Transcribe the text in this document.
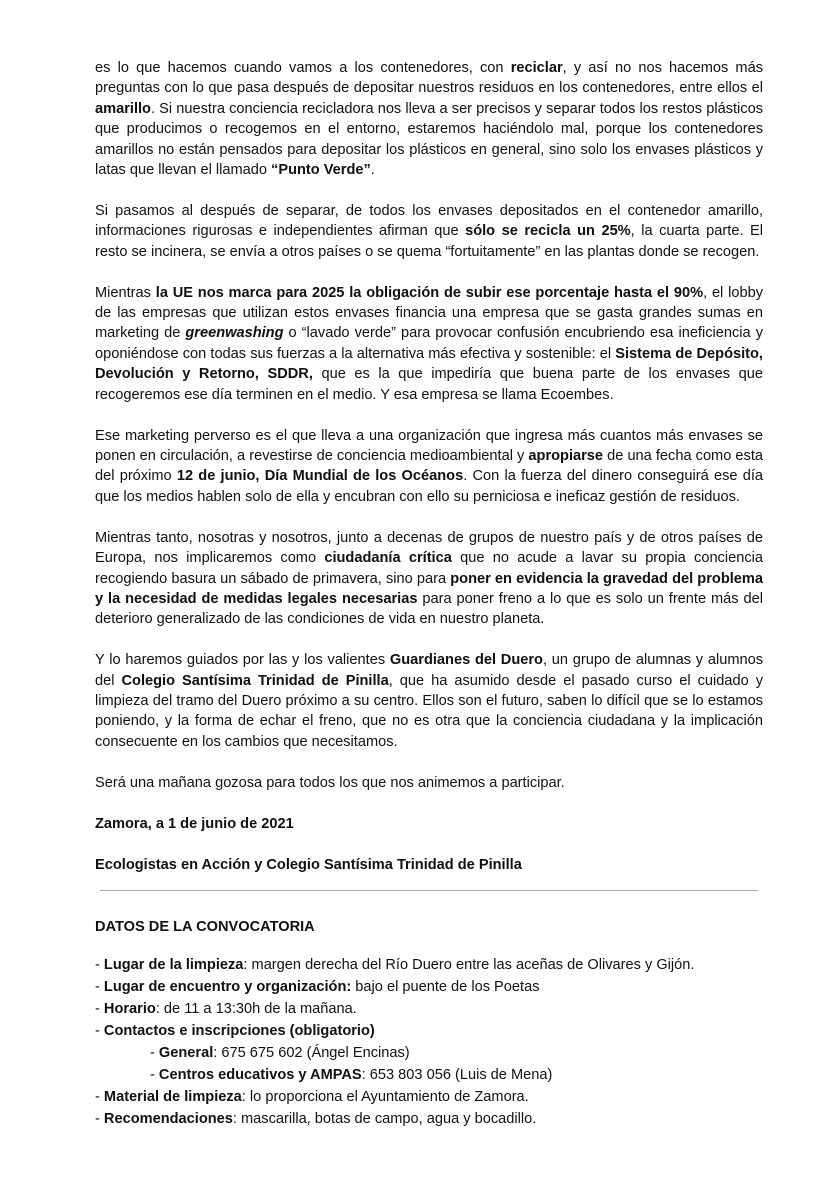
es lo que hacemos cuando vamos a los contenedores, con reciclar, y así no nos hacemos más preguntas con lo que pasa después de depositar nuestros residuos en los contenedores, entre ellos el amarillo. Si nuestra conciencia recicladora nos lleva a ser precisos y separar todos los restos plásticos que producimos o recogemos en el entorno, estaremos haciéndolo mal, porque los contenedores amarillos no están pensados para depositar los plásticos en general, sino solo los envases plásticos y latas que llevan el llamado “Punto Verde”.

Si pasamos al después de separar, de todos los envases depositados en el contenedor amarillo, informaciones rigurosas e independientes afirman que sólo se recicla un 25%, la cuarta parte. El resto se incinera, se envía a otros países o se quema “fortuitamente” en las plantas donde se recogen.

Mientras la UE nos marca para 2025 la obligación de subir ese porcentaje hasta el 90%, el lobby de las empresas que utilizan estos envases financia una empresa que se gasta grandes sumas en marketing de greenwashing o “lavado verde” para provocar confusión encubriendo esa ineficiencia y oponiéndose con todas sus fuerzas a la alternativa más efectiva y sostenible: el Sistema de Depósito, Devolución y Retorno, SDDR, que es la que impediría que buena parte de los envases que recogeremos ese día terminen en el medio. Y esa empresa se llama Ecoembes.

Ese marketing perverso es el que lleva a una organización que ingresa más cuantos más envases se ponen en circulación, a revestirse de conciencia medioambiental y apropiarse de una fecha como esta del próximo 12 de junio, Día Mundial de los Océanos. Con la fuerza del dinero conseguirá ese día que los medios hablen solo de ella y encubran con ello su perniciosa e ineficaz gestión de residuos.

Mientras tanto, nosotras y nosotros, junto a decenas de grupos de nuestro país y de otros países de Europa, nos implicaremos como ciudadanía crítica que no acude a lavar su propia conciencia recogiendo basura un sábado de primavera, sino para poner en evidencia la gravedad del problema y la necesidad de medidas legales necesarias para poner freno a lo que es solo un frente más del deterioro generalizado de las condiciones de vida en nuestro planeta.

Y lo haremos guiados por las y los valientes Guardianes del Duero, un grupo de alumnas y alumnos del Colegio Santísima Trinidad de Pinilla, que ha asumido desde el pasado curso el cuidado y limpieza del tramo del Duero próximo a su centro. Ellos son el futuro, saben lo difícil que se lo estamos poniendo, y la forma de echar el freno, que no es otra que la conciencia ciudadana y la implicación consecuente en los cambios que necesitamos.

Será una mañana gozosa para todos los que nos animemos a participar.

Zamora, a 1 de junio de 2021

Ecologistas en Acción y Colegio Santísima Trinidad de Pinilla

DATOS DE LA CONVOCATORIA
- Lugar de la limpieza: margen derecha del Río Duero entre las aceñas de Olivares y Gijón.
- Lugar de encuentro y organización: bajo el puente de los Poetas
- Horario: de 11 a 13:30h de la mañana.
- Contactos e inscripciones (obligatorio)
- General: 675 675 602 (Ángel Encinas)
- Centros educativos y AMPAS: 653 803 056 (Luis de Mena)
- Material de limpieza: lo proporciona el Ayuntamiento de Zamora.
- Recomendaciones: mascarilla, botas de campo, agua y bocadillo.
